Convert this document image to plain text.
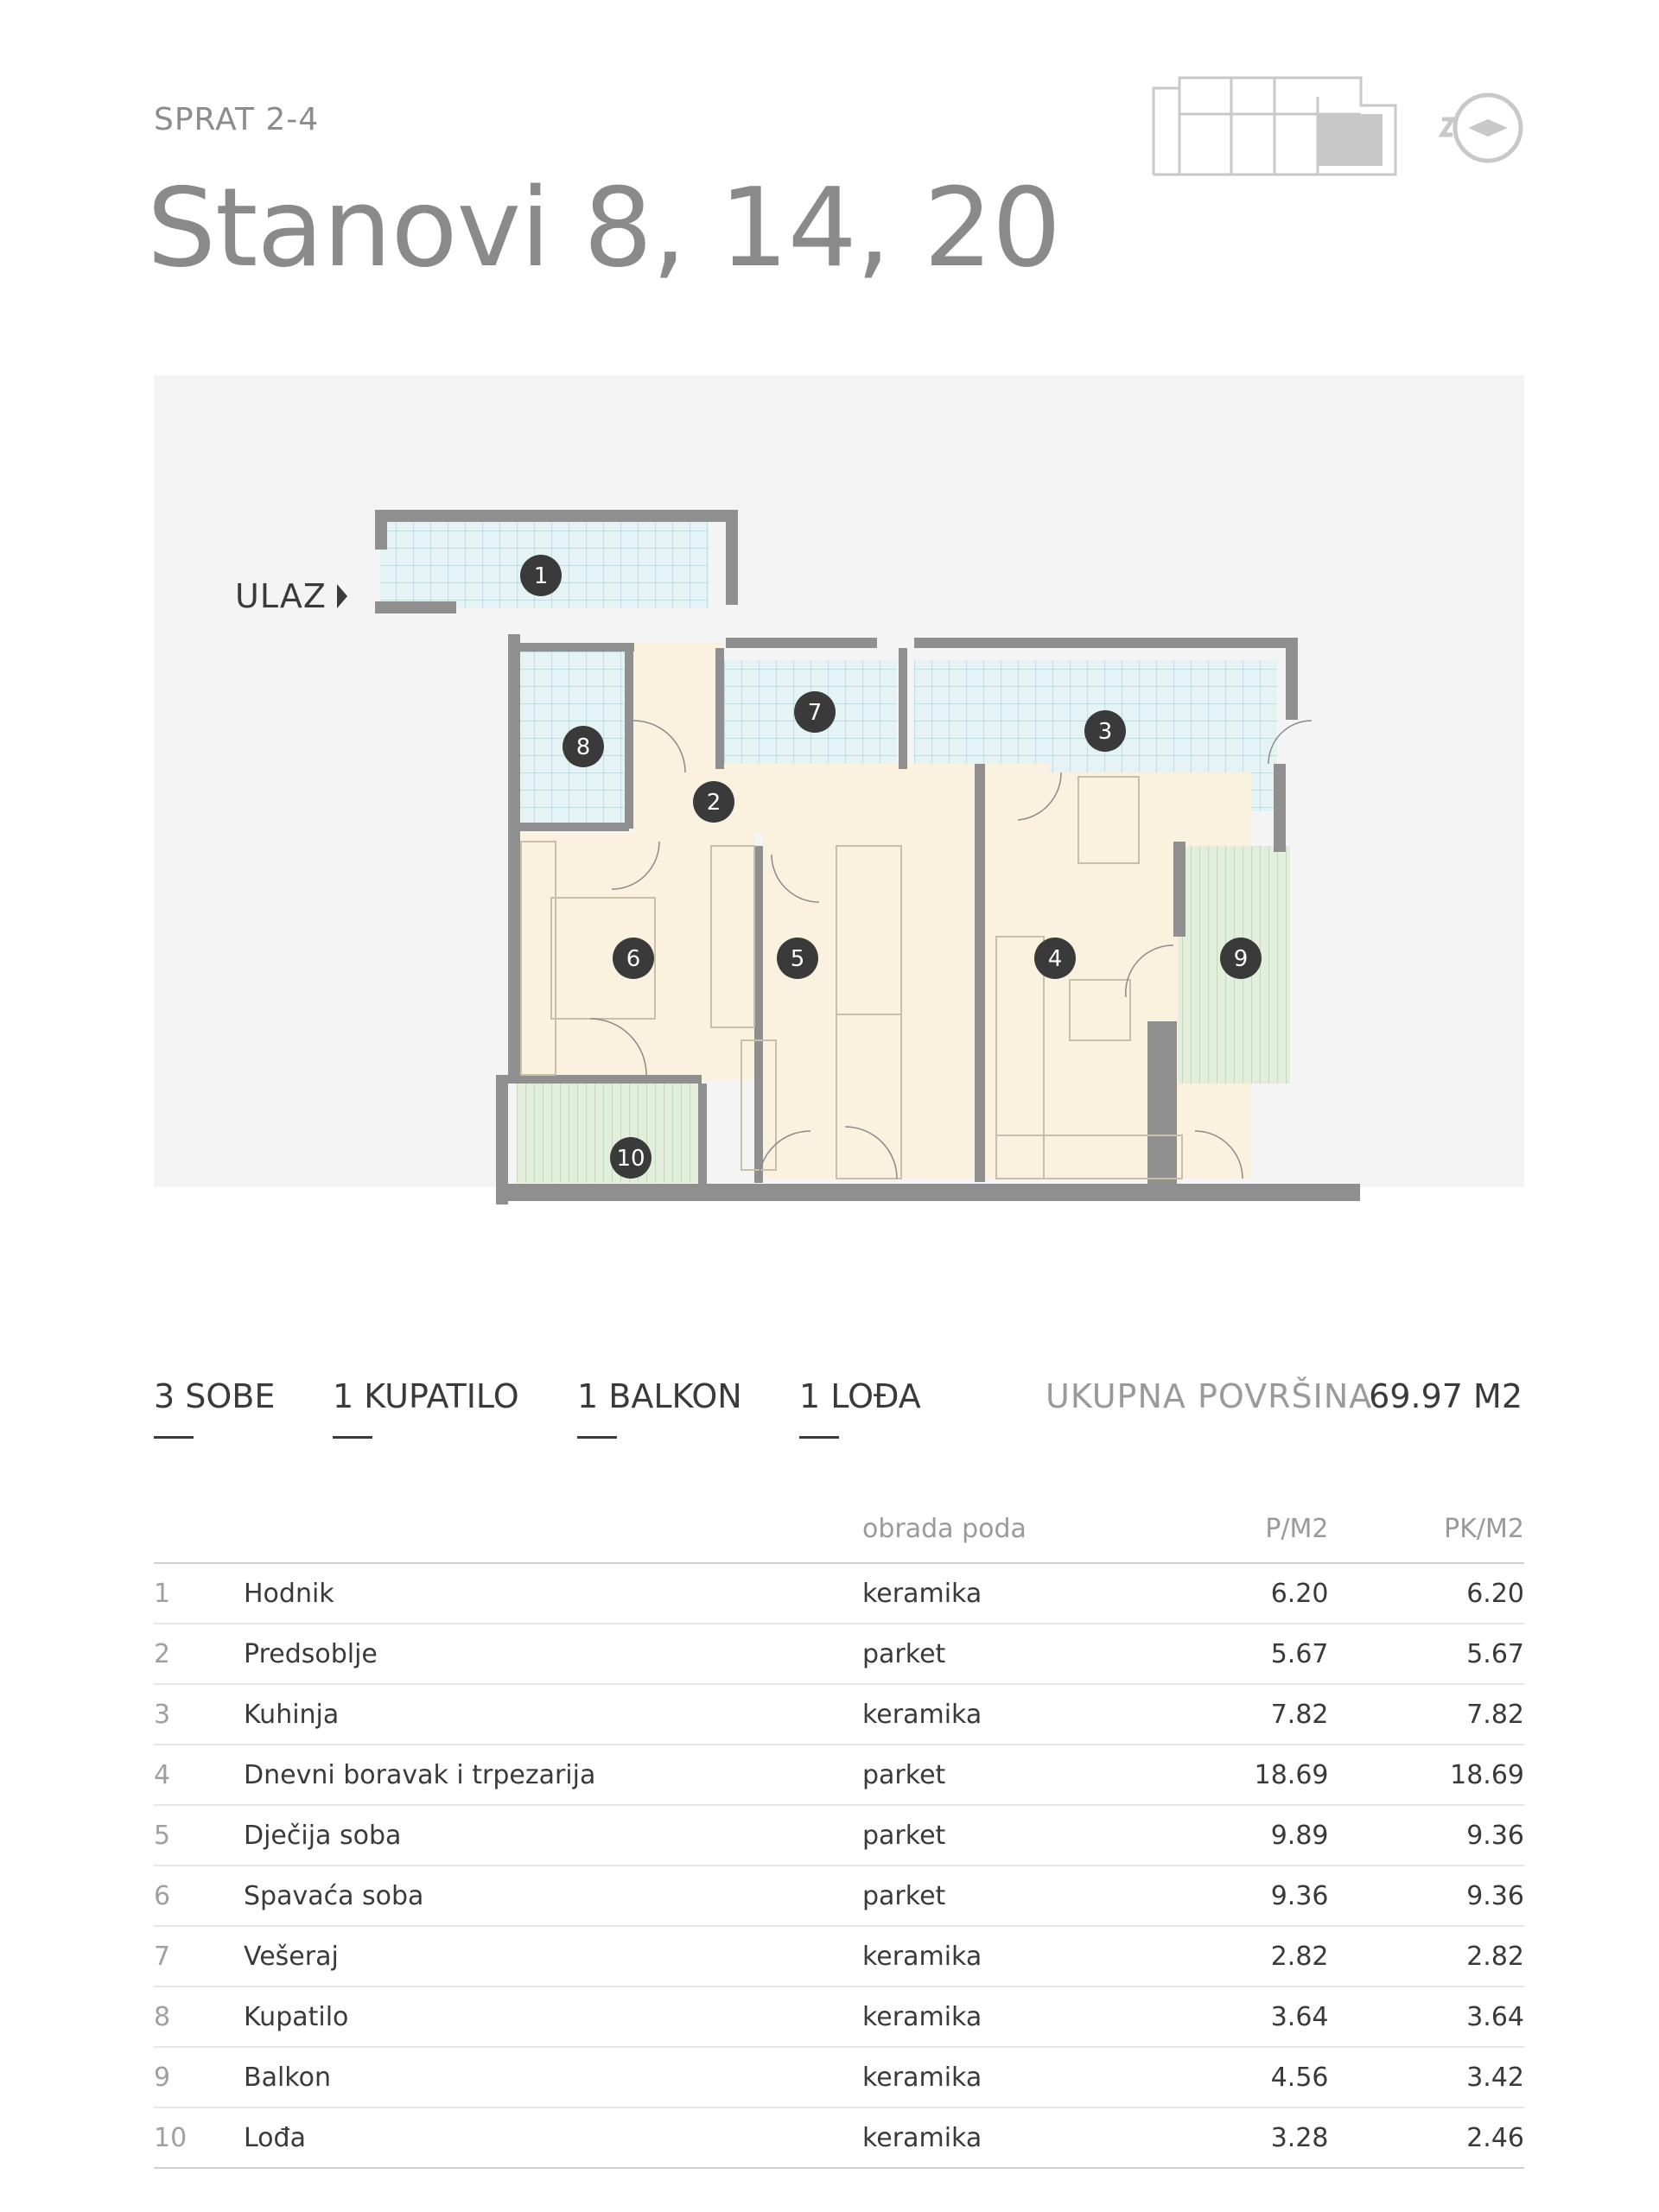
SPRAT 2-4
Stanovi 8, 14, 20
1
2
3
4
5
6
7
8
9
10
ULAZ
3 SOBE 1 KUPATILO 1 BALKON 1 LOĐA	UKUPNA POVRŠINA
69.97 M2
		obrada poda	P/M2	PK/M2
1	Hodnik	keramika	6.20	6.20
2	Predsoblje	parket	5.67	5.67
3	Kuhinja	keramika	7.82	7.82
4	Dnevni boravak i trpezarija	parket	18.69	18.69
5	Dječija soba	parket	9.89	9.36
6	Spavaća soba	parket	9.36	9.36
7	Vešeraj	keramika	2.82	2.82
8	Kupatilo	keramika	3.64	3.64
9	Balkon	keramika	4.56	3.42
10	Lođa	keramika	3.28	2.46
